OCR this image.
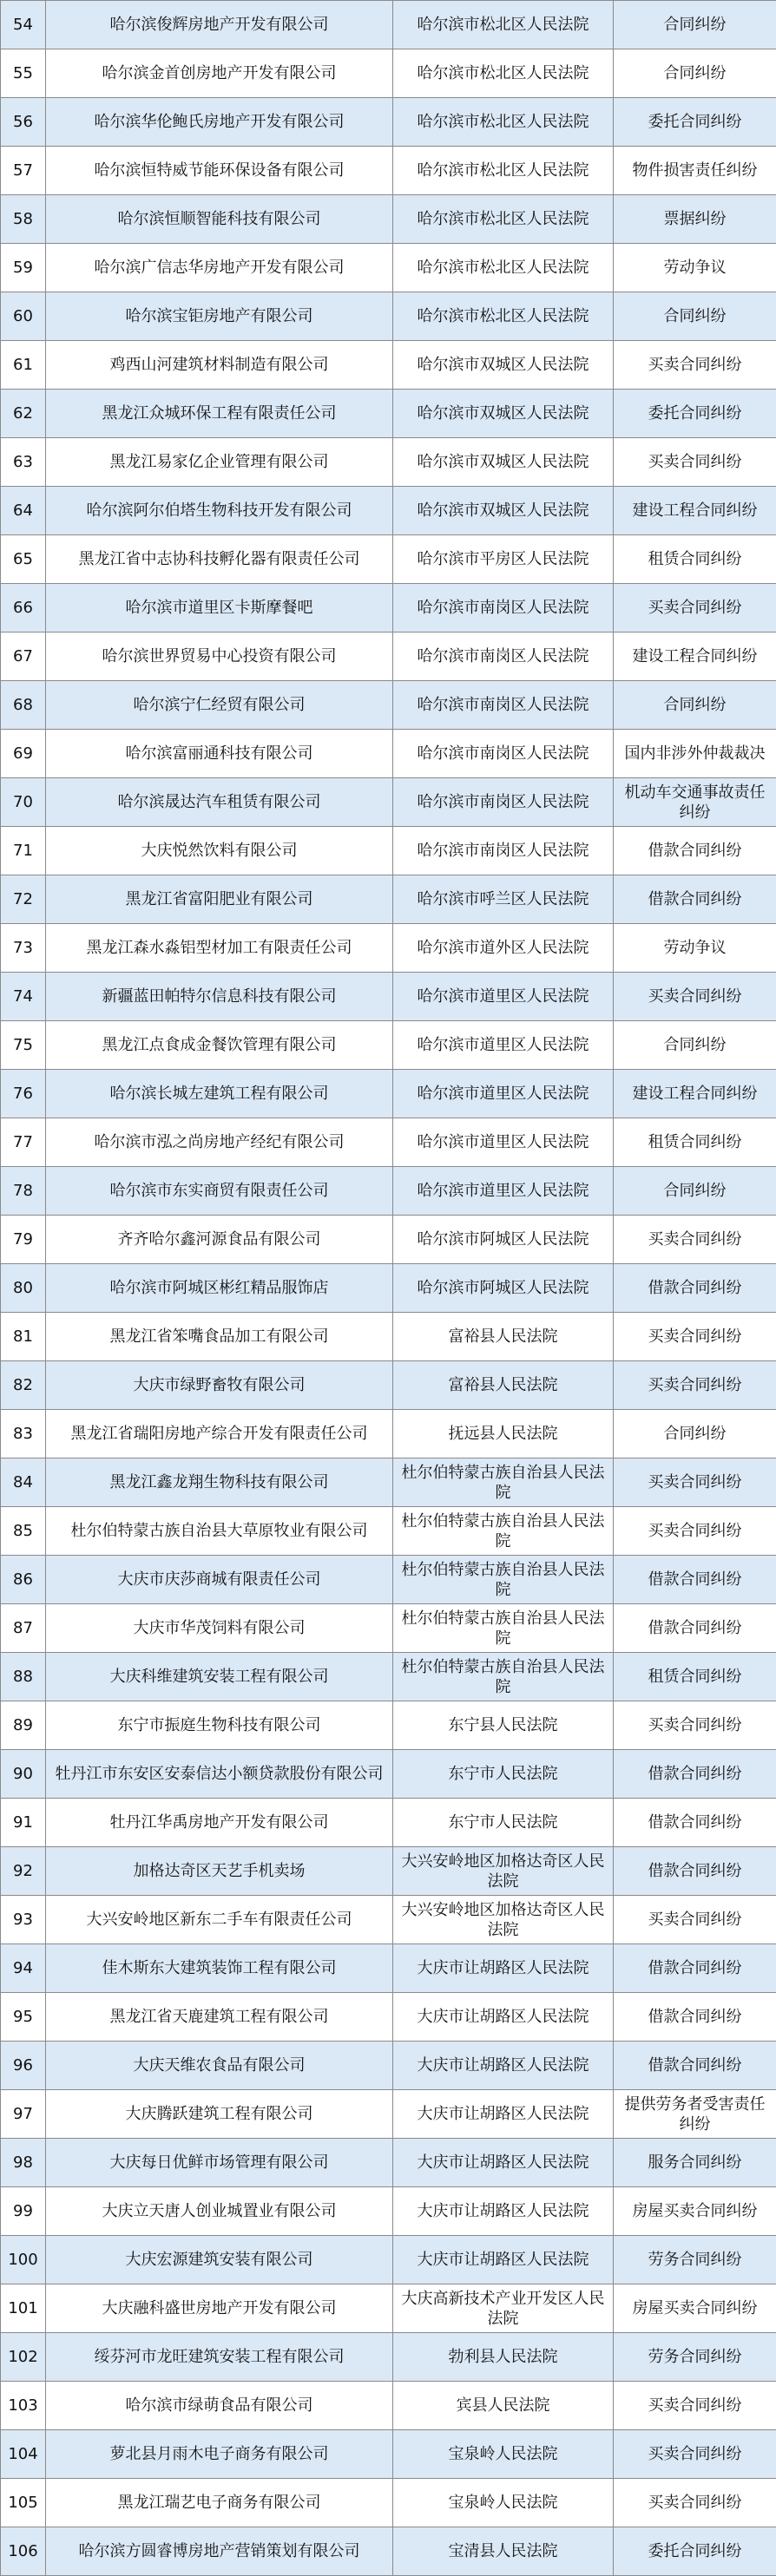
54	哈尔滨俊辉房地产开发有限公司	哈尔滨市松北区人民法院	合同纠纷
55	哈尔滨金首创房地产开发有限公司	哈尔滨市松北区人民法院	合同纠纷
56	哈尔滨华伦鲍氏房地产开发有限公司	哈尔滨市松北区人民法院	委托合同纠纷
57	哈尔滨恒特威节能环保设备有限公司	哈尔滨市松北区人民法院	物件损害责任纠纷
58	哈尔滨恒顺智能科技有限公司	哈尔滨市松北区人民法院	票据纠纷
59	哈尔滨广信志华房地产开发有限公司	哈尔滨市松北区人民法院	劳动争议
60	哈尔滨宝钜房地产有限公司	哈尔滨市松北区人民法院	合同纠纷
61	鸡西山河建筑材料制造有限公司	哈尔滨市双城区人民法院	买卖合同纠纷
62	黑龙江众城环保工程有限责任公司	哈尔滨市双城区人民法院	委托合同纠纷
63	黑龙江易家亿企业管理有限公司	哈尔滨市双城区人民法院	买卖合同纠纷
64	哈尔滨阿尔伯塔生物科技开发有限公司	哈尔滨市双城区人民法院	建设工程合同纠纷
65	黑龙江省中志协科技孵化器有限责任公司	哈尔滨市平房区人民法院	租赁合同纠纷
66	哈尔滨市道里区卡斯摩餐吧	哈尔滨市南岗区人民法院	买卖合同纠纷
67	哈尔滨世界贸易中心投资有限公司	哈尔滨市南岗区人民法院	建设工程合同纠纷
68	哈尔滨宁仁经贸有限公司	哈尔滨市南岗区人民法院	合同纠纷
69	哈尔滨富丽通科技有限公司	哈尔滨市南岗区人民法院	国内非涉外仲裁裁决
70	哈尔滨晟达汽车租赁有限公司	哈尔滨市南岗区人民法院	机动车交通事故责任纠纷
71	大庆悦然饮料有限公司	哈尔滨市南岗区人民法院	借款合同纠纷
72	黑龙江省富阳肥业有限公司	哈尔滨市呼兰区人民法院	借款合同纠纷
73	黑龙江森水淼铝型材加工有限责任公司	哈尔滨市道外区人民法院	劳动争议
74	新疆蓝田帕特尔信息科技有限公司	哈尔滨市道里区人民法院	买卖合同纠纷
75	黑龙江点食成金餐饮管理有限公司	哈尔滨市道里区人民法院	合同纠纷
76	哈尔滨长城左建筑工程有限公司	哈尔滨市道里区人民法院	建设工程合同纠纷
77	哈尔滨市泓之尚房地产经纪有限公司	哈尔滨市道里区人民法院	租赁合同纠纷
78	哈尔滨市东实商贸有限责任公司	哈尔滨市道里区人民法院	合同纠纷
79	齐齐哈尔鑫河源食品有限公司	哈尔滨市阿城区人民法院	买卖合同纠纷
80	哈尔滨市阿城区彬红精品服饰店	哈尔滨市阿城区人民法院	借款合同纠纷
81	黑龙江省笨嘴食品加工有限公司	富裕县人民法院	买卖合同纠纷
82	大庆市绿野畜牧有限公司	富裕县人民法院	买卖合同纠纷
83	黑龙江省瑞阳房地产综合开发有限责任公司	抚远县人民法院	合同纠纷
84	黑龙江鑫龙翔生物科技有限公司	杜尔伯特蒙古族自治县人民法院	买卖合同纠纷
85	杜尔伯特蒙古族自治县大草原牧业有限公司	杜尔伯特蒙古族自治县人民法院	买卖合同纠纷
86	大庆市庆莎商城有限责任公司	杜尔伯特蒙古族自治县人民法院	借款合同纠纷
87	大庆市华茂饲料有限公司	杜尔伯特蒙古族自治县人民法院	借款合同纠纷
88	大庆科维建筑安装工程有限公司	杜尔伯特蒙古族自治县人民法院	租赁合同纠纷
89	东宁市振庭生物科技有限公司	东宁县人民法院	买卖合同纠纷
90	牡丹江市东安区安泰信达小额贷款股份有限公司	东宁市人民法院	借款合同纠纷
91	牡丹江华禹房地产开发有限公司	东宁市人民法院	借款合同纠纷
92	加格达奇区天艺手机卖场	大兴安岭地区加格达奇区人民法院	借款合同纠纷
93	大兴安岭地区新东二手车有限责任公司	大兴安岭地区加格达奇区人民法院	买卖合同纠纷
94	佳木斯东大建筑装饰工程有限公司	大庆市让胡路区人民法院	借款合同纠纷
95	黑龙江省天鹿建筑工程有限公司	大庆市让胡路区人民法院	借款合同纠纷
96	大庆天维农食品有限公司	大庆市让胡路区人民法院	借款合同纠纷
97	大庆腾跃建筑工程有限公司	大庆市让胡路区人民法院	提供劳务者受害责任纠纷
98	大庆每日优鲜市场管理有限公司	大庆市让胡路区人民法院	服务合同纠纷
99	大庆立天唐人创业城置业有限公司	大庆市让胡路区人民法院	房屋买卖合同纠纷
100	大庆宏源建筑安装有限公司	大庆市让胡路区人民法院	劳务合同纠纷
101	大庆融科盛世房地产开发有限公司	大庆高新技术产业开发区人民法院	房屋买卖合同纠纷
102	绥芬河市龙旺建筑安装工程有限公司	勃利县人民法院	劳务合同纠纷
103	哈尔滨市绿萌食品有限公司	宾县人民法院	买卖合同纠纷
104	萝北县月雨木电子商务有限公司	宝泉岭人民法院	买卖合同纠纷
105	黑龙江瑞艺电子商务有限公司	宝泉岭人民法院	买卖合同纠纷
106	哈尔滨方圆睿博房地产营销策划有限公司	宝清县人民法院	委托合同纠纷
